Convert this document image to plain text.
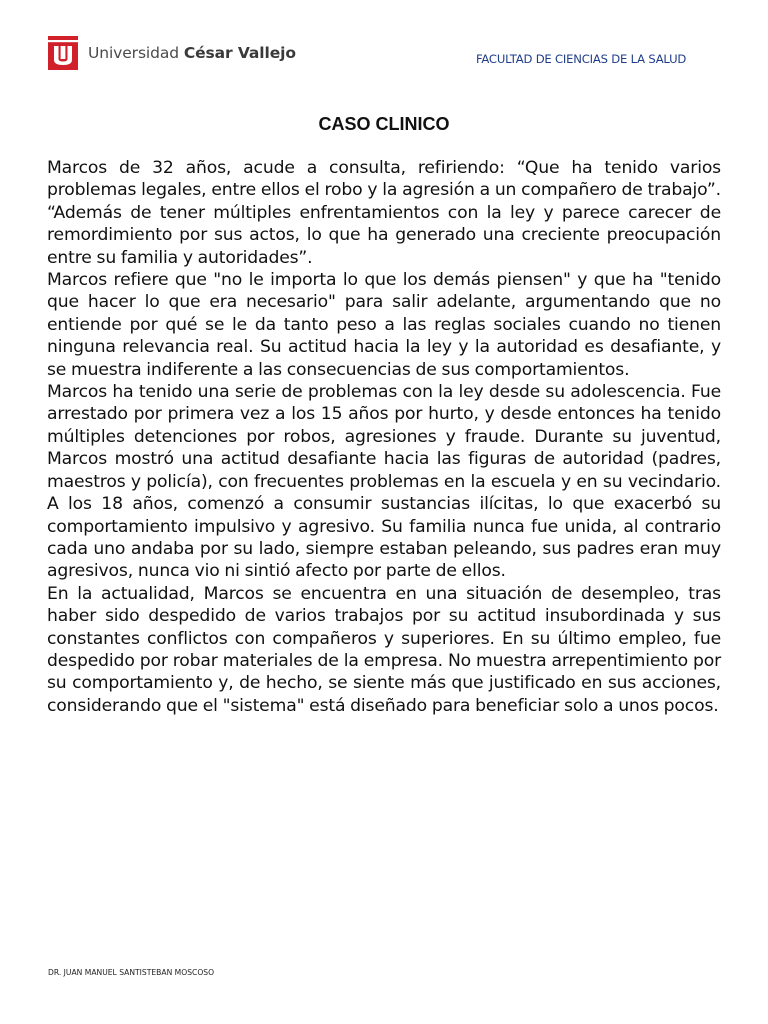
Universidad César Vallejo	FACULTAD DE CIENCIAS DE LA SALUD
CASO CLINICO

Marcos de 32 años, acude a consulta, refiriendo: “Que ha tenido varios problemas legales, entre ellos el robo y la agresión a un compañero de trabajo”. “Además de tener múltiples enfrentamientos con la ley y parece carecer de remordimiento por sus actos, lo que ha generado una creciente preocupación entre su familia y autoridades”.

Marcos refiere que "no le importa lo que los demás piensen" y que ha "tenido que hacer lo que era necesario" para salir adelante, argumentando que no entiende por qué se le da tanto peso a las reglas sociales cuando no tienen ninguna relevancia real. Su actitud hacia la ley y la autoridad es desafiante, y se muestra indiferente a las consecuencias de sus comportamientos.

Marcos ha tenido una serie de problemas con la ley desde su adolescencia. Fue arrestado por primera vez a los 15 años por hurto, y desde entonces ha tenido múltiples detenciones por robos, agresiones y fraude. Durante su juventud, Marcos mostró una actitud desafiante hacia las figuras de autoridad (padres, maestros y policía), con frecuentes problemas en la escuela y en su vecindario. A los 18 años, comenzó a consumir sustancias ilícitas, lo que exacerbó su comportamiento impulsivo y agresivo. Su familia nunca fue unida, al contrario cada uno andaba por su lado, siempre estaban peleando, sus padres eran muy agresivos, nunca vio ni sintió afecto por parte de ellos.

En la actualidad, Marcos se encuentra en una situación de desempleo, tras haber sido despedido de varios trabajos por su actitud insubordinada y sus constantes conflictos con compañeros y superiores. En su último empleo, fue despedido por robar materiales de la empresa. No muestra arrepentimiento por su comportamiento y, de hecho, se siente más que justificado en sus acciones, considerando que el "sistema" está diseñado para beneficiar solo a unos pocos.

DR. JUAN MANUEL SANTISTEBAN MOSCOSO
